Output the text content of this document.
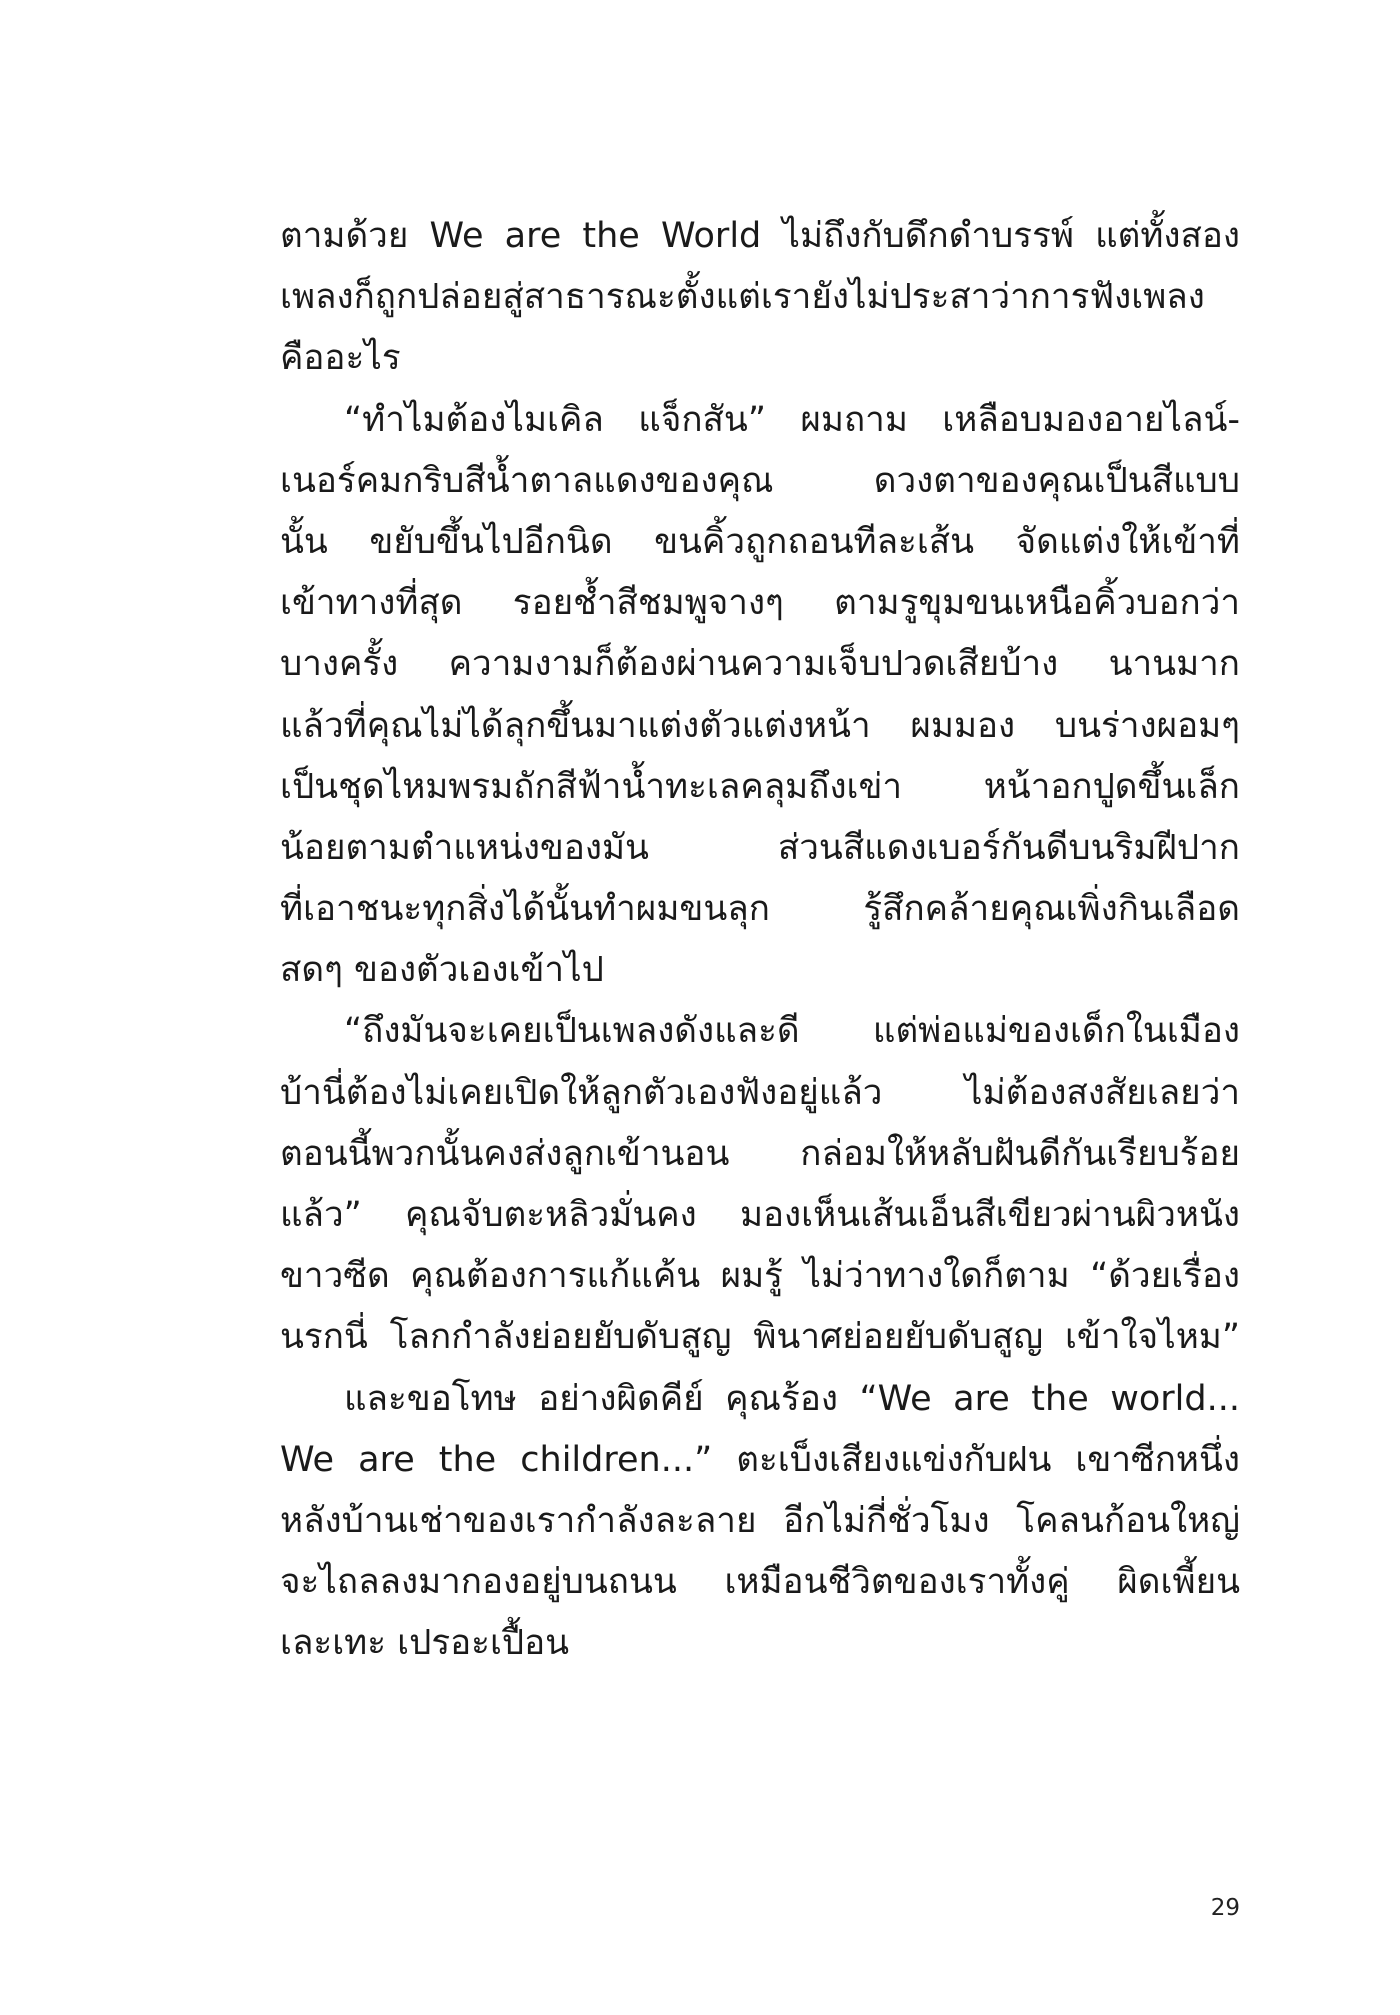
ตามด้วย We are the World ไม่ถึงกับดึกดำบรรพ์ แต่ทั้งสอง
เพลงก็ถูกปล่อยสู่สาธารณะตั้งแต่เรายังไม่ประสาว่าการฟังเพลง
คืออะไร
“ทำไมต้องไมเคิล แจ็กสัน” ผมถาม เหลือบมองอายไลน์-
เนอร์คมกริบสีน้ำตาลแดงของคุณ ดวงตาของคุณเป็นสีแบบ
นั้น ขยับขึ้นไปอีกนิด ขนคิ้วถูกถอนทีละเส้น จัดแต่งให้เข้าที่
เข้าทางที่สุด รอยช้ำสีชมพูจางๆ ตามรูขุมขนเหนือคิ้วบอกว่า
บางครั้ง ความงามก็ต้องผ่านความเจ็บปวดเสียบ้าง นานมาก
แล้วที่คุณไม่ได้ลุกขึ้นมาแต่งตัวแต่งหน้า ผมมอง บนร่างผอมๆ
เป็นชุดไหมพรมถักสีฟ้าน้ำทะเลคลุมถึงเข่า หน้าอกปูดขึ้นเล็ก
น้อยตามตำแหน่งของมัน ส่วนสีแดงเบอร์กันดีบนริมฝีปาก
ที่เอาชนะทุกสิ่งได้นั้นทำผมขนลุก รู้สึกคล้ายคุณเพิ่งกินเลือด
สดๆ ของตัวเองเข้าไป
“ถึงมันจะเคยเป็นเพลงดังและดี แต่พ่อแม่ของเด็กในเมือง
บ้านี่ต้องไม่เคยเปิดให้ลูกตัวเองฟังอยู่แล้ว ไม่ต้องสงสัยเลยว่า
ตอนนี้พวกนั้นคงส่งลูกเข้านอน กล่อมให้หลับฝันดีกันเรียบร้อย
แล้ว” คุณจับตะหลิวมั่นคง มองเห็นเส้นเอ็นสีเขียวผ่านผิวหนัง
ขาวซีด คุณต้องการแก้แค้น ผมรู้ ไม่ว่าทางใดก็ตาม “ด้วยเรื่อง
นรกนี่ โลกกำลังย่อยยับดับสูญ พินาศย่อยยับดับสูญ เข้าใจไหม”
และขอโทษ อย่างผิดคีย์ คุณร้อง “We are the world...
We are the children...” ตะเบ็งเสียงแข่งกับฝน เขาซีกหนึ่ง
หลังบ้านเช่าของเรากำลังละลาย อีกไม่กี่ชั่วโมง โคลนก้อนใหญ่
จะไถลลงมากองอยู่บนถนน เหมือนชีวิตของเราทั้งคู่ ผิดเพี้ยน
เละเทะ เปรอะเปื้อน
29
